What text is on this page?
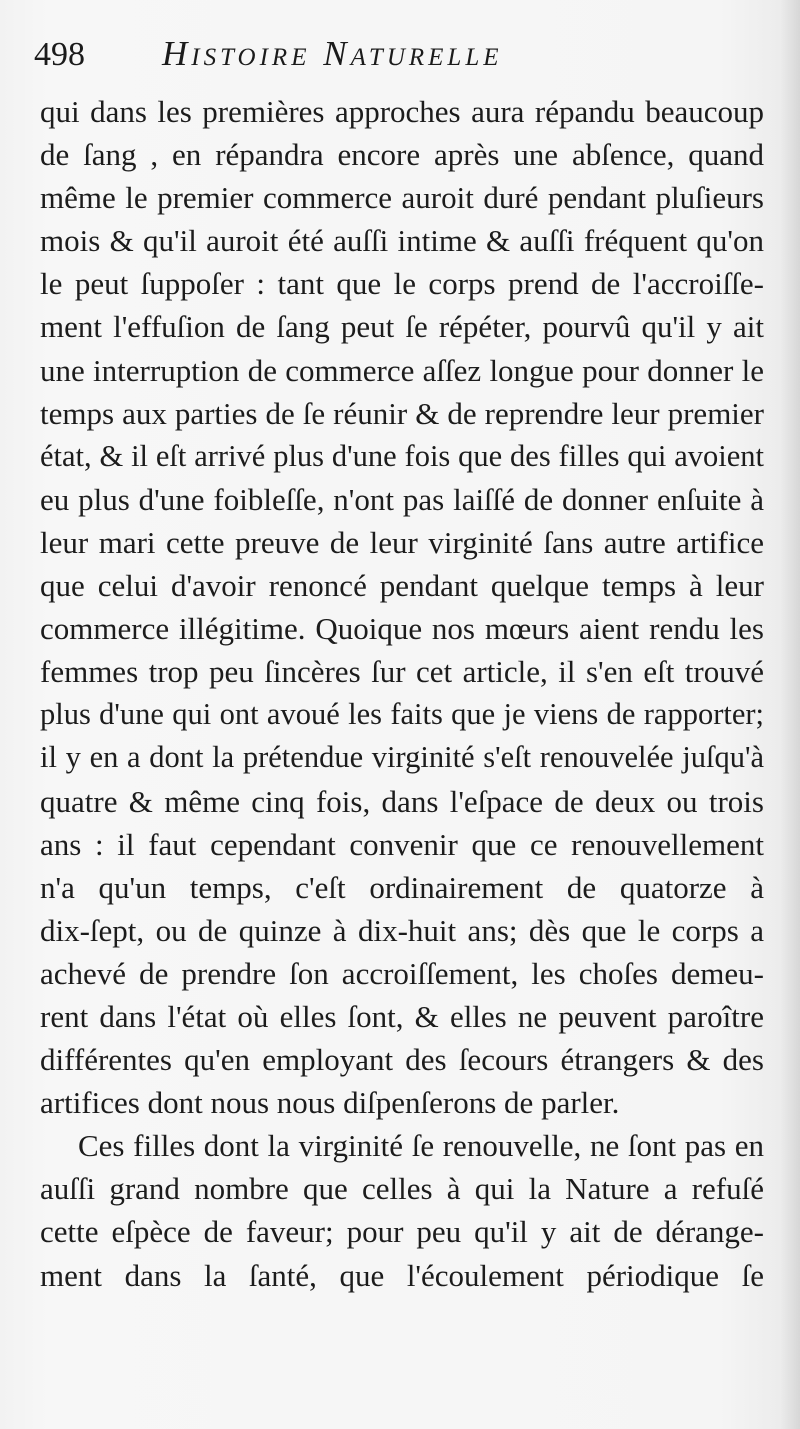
498 Histoire Naturelle
qui dans les premières approches aura répandu beaucoup
de ſang , en répandra encore après une abſence, quand
même le premier commerce auroit duré pendant pluſieurs
mois & qu'il auroit été auſſi intime & auſſi fréquent qu'on
le peut ſuppoſer : tant que le corps prend de l'accroiſſe-
ment l'effuſion de ſang peut ſe répéter, pourvû qu'il y ait
une interruption de commerce aſſez longue pour donner le
temps aux parties de ſe réunir & de reprendre leur premier
état, & il eſt arrivé plus d'une fois que des filles qui avoient
eu plus d'une foibleſſe, n'ont pas laiſſé de donner enſuite à
leur mari cette preuve de leur virginité ſans autre artifice
que celui d'avoir renoncé pendant quelque temps à leur
commerce illégitime. Quoique nos mœurs aient rendu les
femmes trop peu ſincères ſur cet article, il s'en eſt trouvé
plus d'une qui ont avoué les faits que je viens de rapporter;
il y en a dont la prétendue virginité s'eſt renouvelée juſqu'à
quatre & même cinq fois, dans l'eſpace de deux ou trois
ans : il faut cependant convenir que ce renouvellement
n'a qu'un temps, c'eſt ordinairement de quatorze à
dix-ſept, ou de quinze à dix-huit ans; dès que le corps a
achevé de prendre ſon accroiſſement, les choſes demeu-
rent dans l'état où elles ſont, & elles ne peuvent paroître
différentes qu'en employant des ſecours étrangers & des
artifices dont nous nous diſpenſerons de parler.
Ces filles dont la virginité ſe renouvelle, ne ſont pas en
auſſi grand nombre que celles à qui la Nature a refuſé
cette eſpèce de faveur; pour peu qu'il y ait de dérange-
ment dans la ſanté, que l'écoulement périodique ſe
